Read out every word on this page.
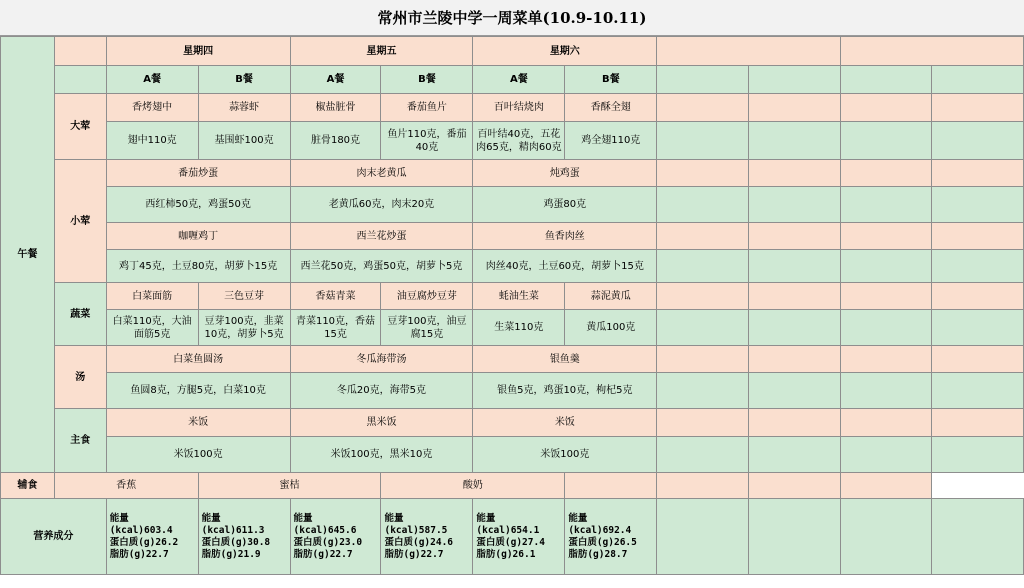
常州市兰陵中学一周菜单(10.9-10.11)
午餐		星期四		星期五		星期六					
		A餐	B餐	A餐	B餐	A餐	B餐				
	大荤	香烤翅中	蒜蓉虾	椒盐脏骨	番茄鱼片	百叶结烧肉	香酥全翅				
		翅中110克	基围虾100克	脏骨180克	鱼片110克，番茄40克	百叶结40克，五花肉65克，精肉60克	鸡全翅110克				
	小荤	番茄炒蛋		肉末老黄瓜		炖鸡蛋					
		西红柿50克，鸡蛋50克		老黄瓜60克，肉末20克		鸡蛋80克					
		咖喱鸡丁		西兰花炒蛋		鱼香肉丝					
		鸡丁45克，土豆80克，胡萝卜15克		西兰花50克，鸡蛋50克，胡萝卜5克		肉丝40克，土豆60克，胡萝卜15克					
	蔬菜	白菜面筋	三色豆芽	香菇青菜	油豆腐炒豆芽	蚝油生菜	蒜泥黄瓜				
		白菜110克，大油面筋5克	豆芽100克，韭菜10克，胡萝卜5克	青菜110克，香菇15克	豆芽100克，油豆腐15克	生菜110克	黄瓜100克				
	汤	白菜鱼圆汤		冬瓜海带汤		银鱼羹					
		鱼圆8克，方腿5克，白菜10克		冬瓜20克，海带5克		银鱼5克，鸡蛋10克，枸杞5克					
	主食	米饭		黑米饭		米饭					
		米饭100克		米饭100克，黑米10克		米饭100克					
辅食	香蕉		蜜桔		酸奶						
营养成分		能量
(kcal)603.4
蛋白质(g)26.2
脂肪(g)22.7	能量
(kcal)611.3
蛋白质(g)30.8
脂肪(g)21.9	能量
(kcal)645.6
蛋白质(g)23.0
脂肪(g)22.7	能量
(kcal)587.5
蛋白质(g)24.6
脂肪(g)22.7	能量
(kcal)654.1
蛋白质(g)27.4
脂肪(g)26.1	能量
(kcal)692.4
蛋白质(g)26.5
脂肪(g)28.7				
